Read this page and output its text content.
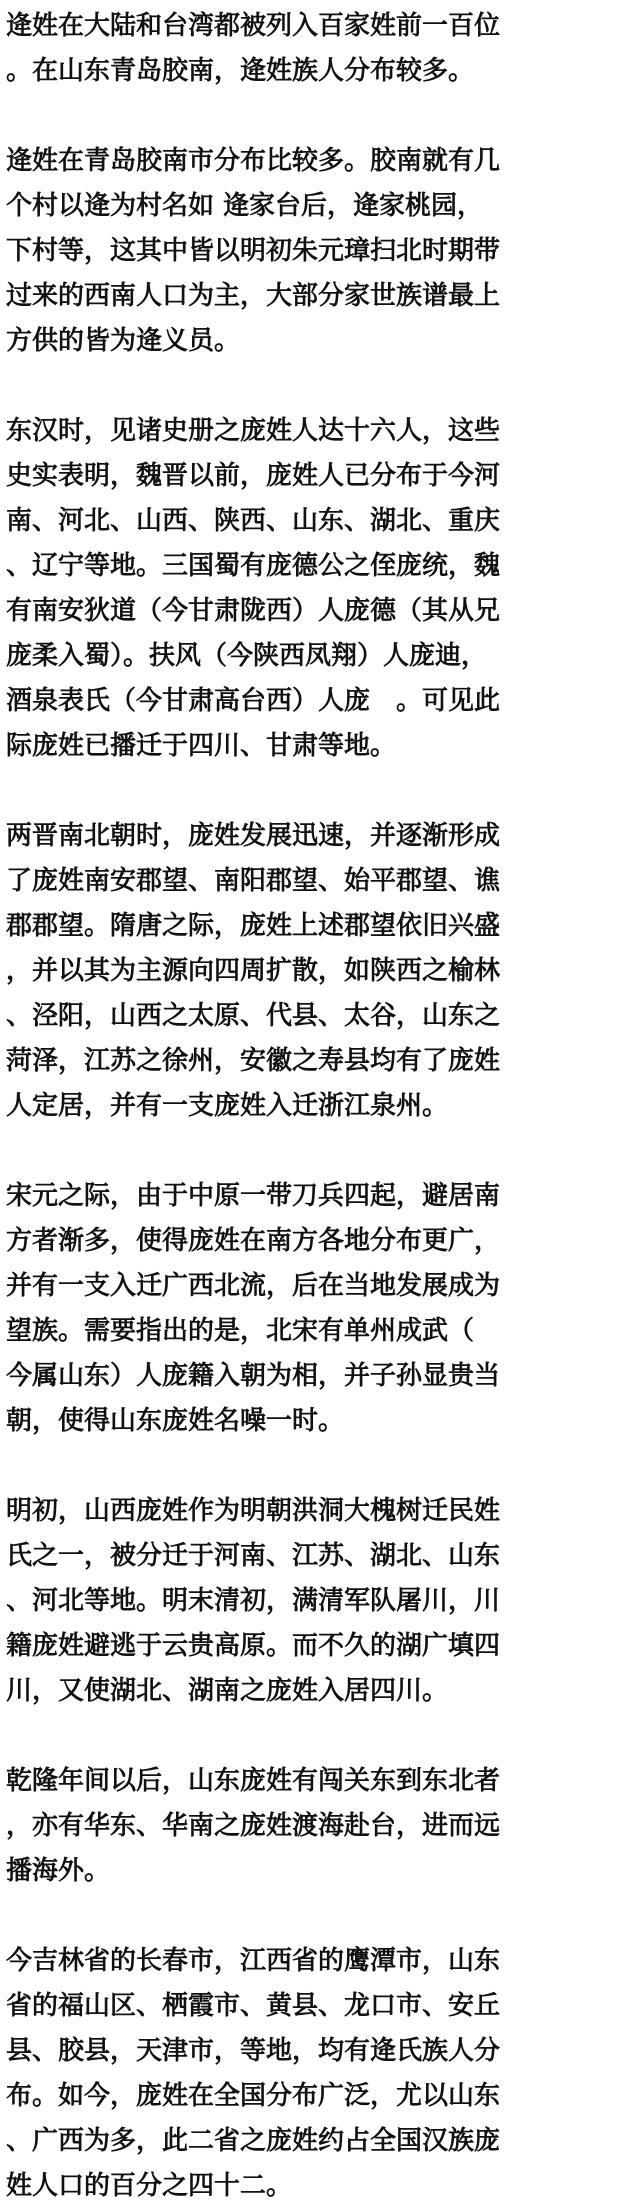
逄姓在大陆和台湾都被列入百家姓前一百位
。在山东青岛胶南，逄姓族人分布较多。
逄姓在青岛胶南市分布比较多。胶南就有几
个村以逄为村名如 逄家台后，逄家桃园，
下村等，这其中皆以明初朱元璋扫北时期带
过来的西南人口为主，大部分家世族谱最上
方供的皆为逄义员。
东汉时，见诸史册之庞姓人达十六人，这些
史实表明，魏晋以前，庞姓人已分布于今河
南、河北、山西、陕西、山东、湖北、重庆
、辽宁等地。三国蜀有庞德公之侄庞统，魏
有南安狄道（今甘肃陇西）人庞德（其从兄
庞柔入蜀）。扶风（今陕西凤翔）人庞迪，
酒泉表氏（今甘肃高台西）人庞　。可见此
际庞姓已播迁于四川、甘肃等地。
两晋南北朝时，庞姓发展迅速，并逐渐形成
了庞姓南安郡望、南阳郡望、始平郡望、谯
郡郡望。隋唐之际，庞姓上述郡望依旧兴盛
，并以其为主源向四周扩散，如陕西之榆林
、泾阳，山西之太原、代县、太谷，山东之
菏泽，江苏之徐州，安徽之寿县均有了庞姓
人定居，并有一支庞姓入迁浙江泉州。
宋元之际，由于中原一带刀兵四起，避居南
方者渐多，使得庞姓在南方各地分布更广，
并有一支入迁广西北流，后在当地发展成为
望族。需要指出的是，北宋有单州成武（
今属山东）人庞籍入朝为相，并子孙显贵当
朝，使得山东庞姓名噪一时。
明初，山西庞姓作为明朝洪洞大槐树迁民姓
氏之一，被分迁于河南、江苏、湖北、山东
、河北等地。明末清初，满清军队屠川，川
籍庞姓避逃于云贵高原。而不久的湖广填四
川，又使湖北、湖南之庞姓入居四川。
乾隆年间以后，山东庞姓有闯关东到东北者
，亦有华东、华南之庞姓渡海赴台，进而远
播海外。
今吉林省的长春市，江西省的鹰潭市，山东
省的福山区、栖霞市、黄县、龙口市、安丘
县、胶县，天津市，等地，均有逄氏族人分
布。如今，庞姓在全国分布广泛，尤以山东
、广西为多，此二省之庞姓约占全国汉族庞
姓人口的百分之四十二。
